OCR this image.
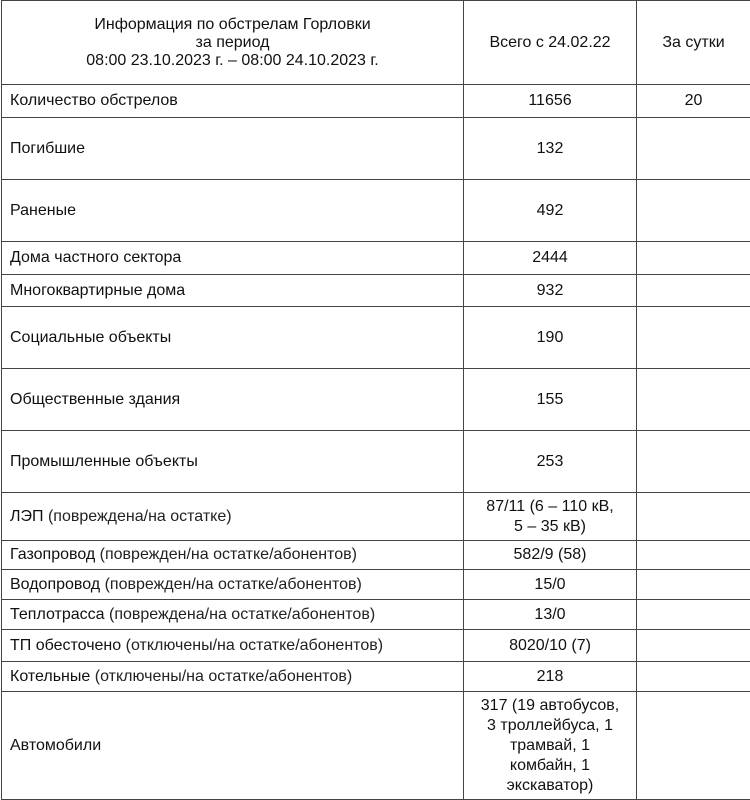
Информация по обстрелам Горловки
за период
08:00 23.10.2023 г. – 08:00 24.10.2023 г.	Всего с 24.02.22	За сутки
Количество обстрелов	11656	20
Погибшие	132	
Раненые	492	
Дома частного сектора	2444	
Многоквартирные дома	932	
Социальные объекты	190	
Общественные здания	155	
Промышленные объекты	253	
ЛЭП (повреждена/на остатке)	87/11 (6 – 110 кВ,
5 – 35 кВ)	

Газопровод (поврежден/на остатке/абонентов)	582/9 (58)	
Водопровод (поврежден/на остатке/абонентов)	15/0	
Теплотрасса (повреждена/на остатке/абонентов)	13/0	
ТП обесточено (отключены/на остатке/абонентов)	8020/10 (7)	
Котельные (отключены/на остатке/абонентов)	218	
Автомобили	317 (19 автобусов,
3 троллейбуса, 1
трамвай, 1
комбайн, 1
экскаватор)	
